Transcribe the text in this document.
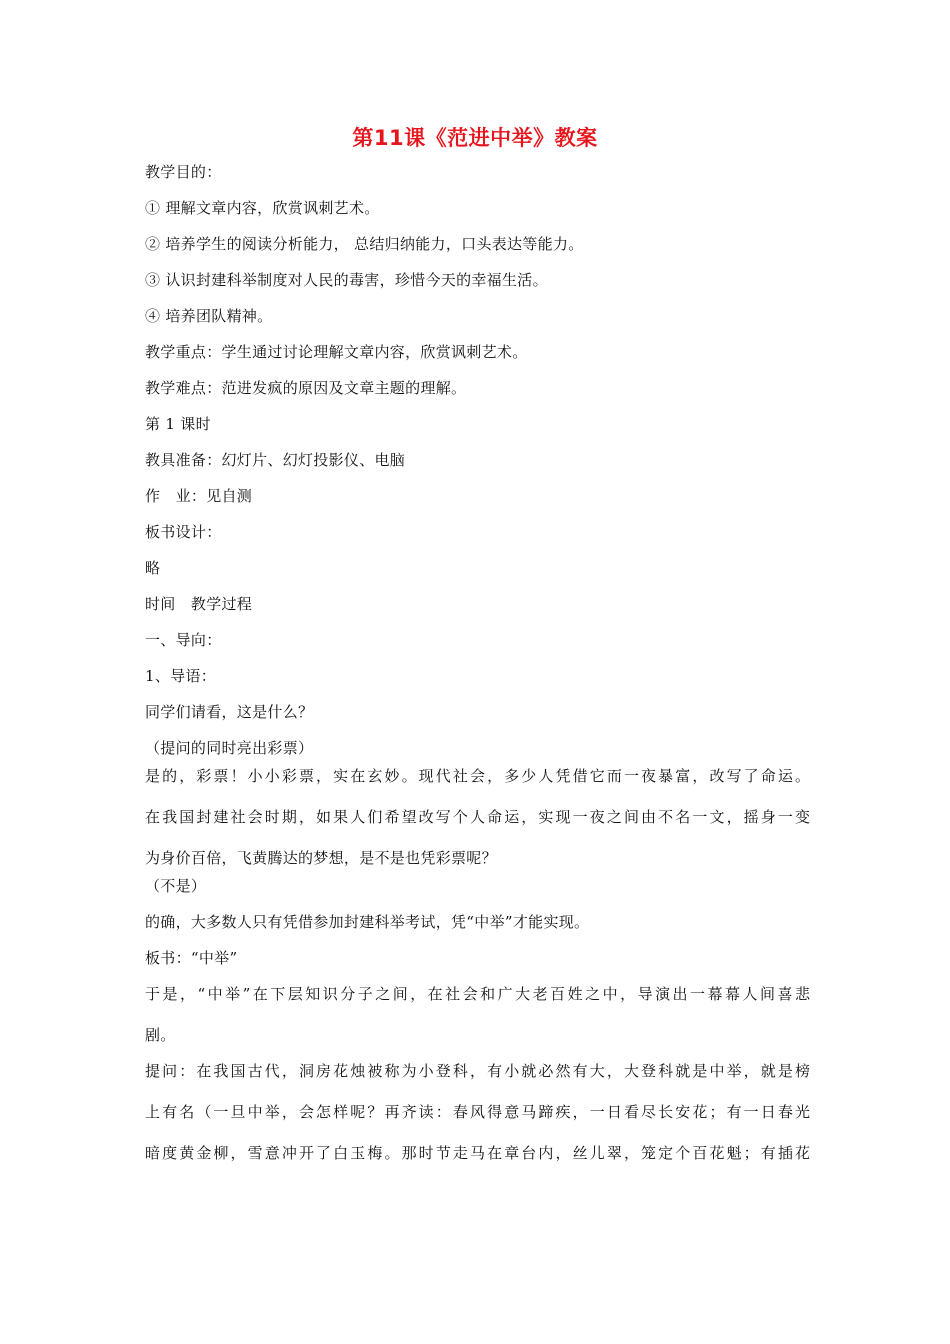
第11课《范进中举》教案
教学目的：
① 理解文章内容，欣赏讽刺艺术。
② 培养学生的阅读分析能力， 总结归纳能力，口头表达等能力。
③ 认识封建科举制度对人民的毒害，珍惜今天的幸福生活。
④ 培养团队精神。
教学重点：学生通过讨论理解文章内容，欣赏讽刺艺术。
教学难点：范进发疯的原因及文章主题的理解。
第 1 课时
教具准备：幻灯片、幻灯投影仪、电脑
作　业：见自测
板书设计：
略
时间　教学过程
一、导向：
1、导语：
同学们请看，这是什么？
（提问的同时亮出彩票）
是的，彩票！小小彩票，实在玄妙。现代社会，多少人凭借它而一夜暴富，改写了命运。
在我国封建社会时期，如果人们希望改写个人命运，实现一夜之间由不名一文，摇身一变
为身价百倍，飞黄腾达的梦想，是不是也凭彩票呢？
（不是）
的确，大多数人只有凭借参加封建科举考试，凭“中举”才能实现。
板书：“中举”
于是，“中举”在下层知识分子之间，在社会和广大老百姓之中，导演出一幕幕人间喜悲
剧。
提问：在我国古代，洞房花烛被称为小登科，有小就必然有大，大登科就是中举，就是榜
上有名（一旦中举，会怎样呢？再齐读：春风得意马蹄疾，一日看尽长安花；有一日春光
暗度黄金柳，雪意冲开了白玉梅。那时节走马在章台内，丝儿翠，笼定个百花魁；有插花
